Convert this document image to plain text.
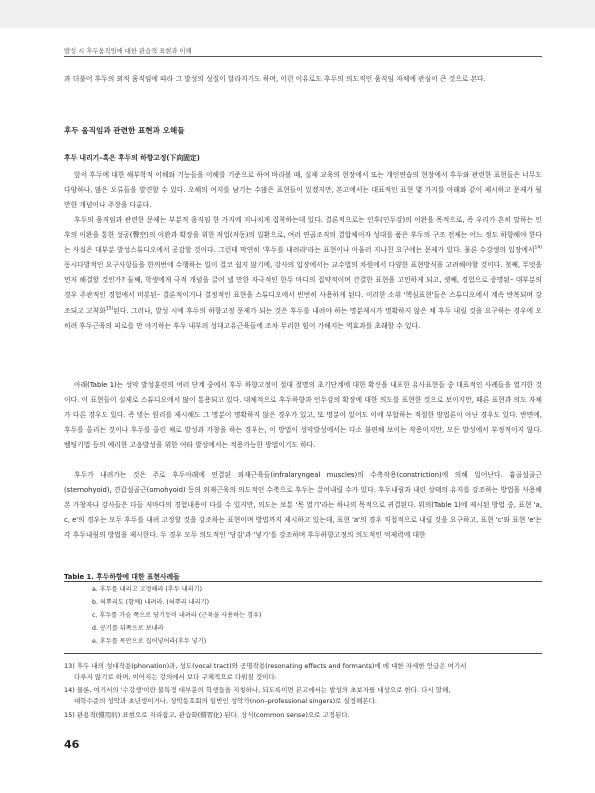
발성 시 후두움직임에 대한 관습적 표현과 이해

과 더불어 후두의 외적 움직임에 따라 그 발성의 성질이 달라지기도 하며, 이런 이유로도 후두의 의도적인 움직임 자체에 관심이 큰 것으로 본다.

후두 움직임과 관련한 표현과 오해들
후두 내리기–혹은 후두의 하향고정(下向固定)

앞서 후두에 대한 해부학적 이해와 기능들을 이해를 기준으로 하여 바라볼 때, 실제 교육의 현장에서 또는 개인연습의 현장에서 후두와 관련한 표현들은 너무도 다양하나, 많은 오류들을 발견할 수 있다. 오해의 여지를 남기는 수많은 표현들이 있겠지만, 본고에서는 대표적인 표현 몇 가지를 아래와 같이 제시하고 문제가 될 만한 개념이나 주장을 다룬다.

후두의 움직임과 관련한 문제는 부분적 움직임 한 가지에 지나치게 집착하는데 있다. 결론적으로는 인후(인두강)의 이완을 목적으로, 즉 우리가 흔히 말하는 인후의 이완을 통한 성공(聲空)의 이완과 확장을 위한 작업(작동)의 일환으로, 여러 연골조직의 결합체이자 성대를 품은 후두의 구조 전체는 어느 정도 하향해야 한다는 사실은 대부분 발성스튜디오에서 공감할 것이다. 그런데 막연히 '후두를 내려라'라는 표현이나 아울러 지나친 요구에는 문제가 있다. 물론 수강생의 입장에서$^{14)}$동시다발적인 요구사항들을 한꺼번에 수행하는 일이 결코 쉽지 않기에, 강사의 입장에서는 교수법의 차원에서 다양한 표현방식을 고려해야할 것이다. 첫째, 무엇을 먼저 해결할 것인가? 둘째, 학생에게 극적 개념을 끌어 낼 만한 자극적인 한두 마디의 집약적이며 간결한 표현을 고민하게 되고, 셋째, 경험으로 증명된– 대부분의 경우 주관적인 경험에서 비롯된– 결론적이거나 결정적인 표현을 스튜디오에서 빈번히 사용하게 된다. 이러한 소위 '핵심표현'들은 스튜디오에서 계속 반복되며 강조되고 고착화$^{15)}$된다. 그러나, 발성 시에 후두의 하향고정 문제가 되는 것은 후두를 내려야 하는 명분제시가 명확하지 않은 채 후두 내릴 것을 요구하는 경우에 오히려 후두근육의 피로를 만 야기하는 후두 내부의 성대고유근육들에 조차 무리한 힘이 가해지는 역효과를 초래할 수 있다.

아래(Table 1)는 성악 발성훈련의 여러 단계 중에서 후두 하향고정이 절대 절명의 초기단계에 대한 확신을 내포한 유사표현들 중 대표적인 사례들을 열거한 것이다. 이 표현들이 실제로 스튜디오에서 많이 통용되고 있다. 대체적으로 후두하향과 인두강의 확장에 대한 의도를 표현한 것으로 보이지만, 때론 표현과 의도 자체가 다른 경우도 있다. 즉 맞는 원리를 제시해도 그 명분이 명확하지 않은 경우가 있고, 또 명분이 있어도 이에 부합하는 적절한 방법론이 아닌 경우도 있다. 반면에, 후두를 올리는 것이나 후두를 올린 채로 발성과 가창을 하는 경우는, 이 방법이 성악발성에서는 다소 불편해 보이는 작용이지만, 모든 발성에서 부정적이지 않다. 벨팅기법 등의 예리한 고음발성을 위한 여타 발성에서는 적용가능한 방법이기도 하다.

후두가 내려가는 것은 주로 후두아래에 연결된 외재근육들(infralaryngeal muscles)의 수축작용(constriction)에 의해 일어난다. 흉골설골근(sternohyoid), 견갑설골근(omohyoid) 등의 외재근육의 의도적인 수축으로 후두는 끌어내릴 수가 있다. 후두내림과 내린 상태의 유지를 강조하는 방법을 사용해본 가창자나 강사들은 다들 저마다의 경험내용이 다를 수 있지만, 의도는 보통 '목 열기'라는 하나의 목적으로 귀결된다. 위의(Table 1)에 제시된 방법 중, 표현 'a, c, e'의 경우는 모두 후두를 내려 고정할 것을 강조하는 표현이며 방법까지 제시하고 있는데, 표현 'a'의 경우 직접적으로 내릴 것을 요구하고, 표현 'c'와 표현 'e'는 각 후두내림의 방법을 제시한다. 두 경우 모두 의도적인 '당김'과 '넣기'를 강조하며 후두하향고정의 의도적인 억제력에 대한

Table 1. 후두하향에 대한 표현사례들
a. 후두를 내리고 고정해라 (후두 내리기)
b. 혀뿌리도 (함께) 내려라. (혀뿌리 내리기)
c. 후두를 가슴 쪽으로 당기듯이 내려라 (근육을 사용하는 경우)
d. 공기를 뒤쪽으로 보내라
e. 후두를 목안으로 집어넣어라(후두 넣기)
13) 후두 내의 성대작용(phonation)과, 성도(vocal tract)와 공명작용(resonating effects and formants)에 에 대한 자세한 언급은 여기서
다루지 않기로 하며, 이어지는 강의에서 보다 구체적으로 다뤄질 것이다.
14) 물론, 여기서의 '수강생'이란 불특정 대부분의 학생들을 지칭하나, 되도록이면 본고에서는 발성의 초보자를 대상으로 한다. 다시 말해,
대학수준의 성악과 초년생이거나, 성악동호회의 일반인 성악가(non–professional singers)로 설정해본다.
15) 관용적(慣用的) 표현으로 자리잡고, 관습화(慣習化) 된다. 상식(common sense)으로 고정된다.
46
